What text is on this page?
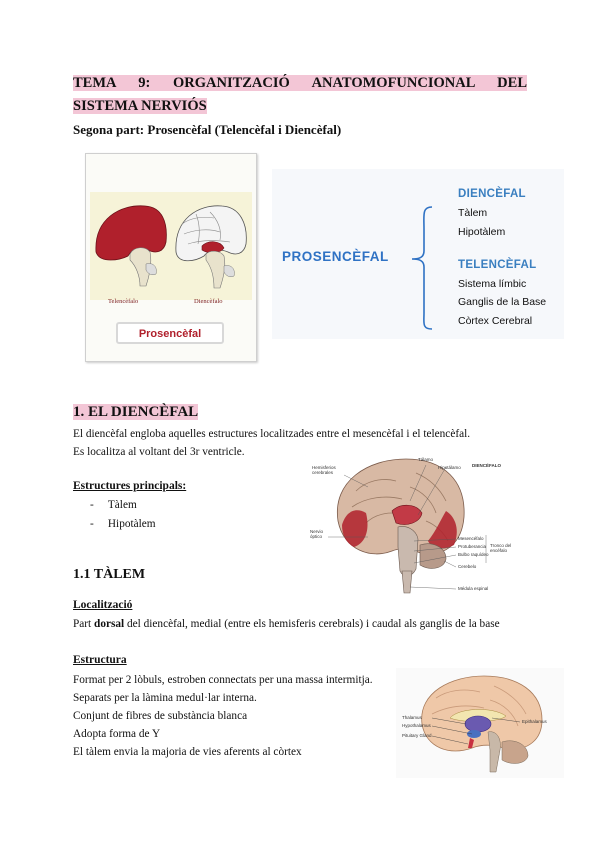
TEMA 9: ORGANITZACIÓ ANATOMOFUNCIONAL DEL
SISTEMA NERVIÓS
Segona part: Prosencèfal (Telencèfal i Diencèfal)
Telencèfalo	Diencèfalo
Prosencèfal
PROSENCÈFAL
DIENCÈFAL
Tàlem
Hipotàlem
TELENCÈFAL
Sistema límbic
Ganglis de la Base
Còrtex Cerebral
1. EL DIENCÈFAL
El diencèfal engloba aquelles estructures localitzades entre el mesencèfal i el telencèfal.
Es localitza al voltant del 3r ventricle.
Estructures principals:
-     Tàlem
-     Hipotàlem
Hemisferios cerebrales
Tálamo
Hipotálamo DIENCÉFALO
Nervio óptico	Mesencéfalo
Protuberancia
Bulbo raquídeo
Tronco del encéfalo
Cerebelo
Médula espinal
1.1 TÀLEM
Localització
Part dorsal del diencèfal, medial (entre els hemisferis cerebrals) i caudal als ganglis de la base
Estructura
Format per 2 lòbuls, estroben connectats per una massa intermitja.
Separats per la làmina medul·lar interna.
Conjunt de fibres de substància blanca
Adopta forma de Y
El tàlem envia la majoria de vies aferents al còrtex
Thalamus
Hypothalamus
Pituitary Gland
Epithalamus
